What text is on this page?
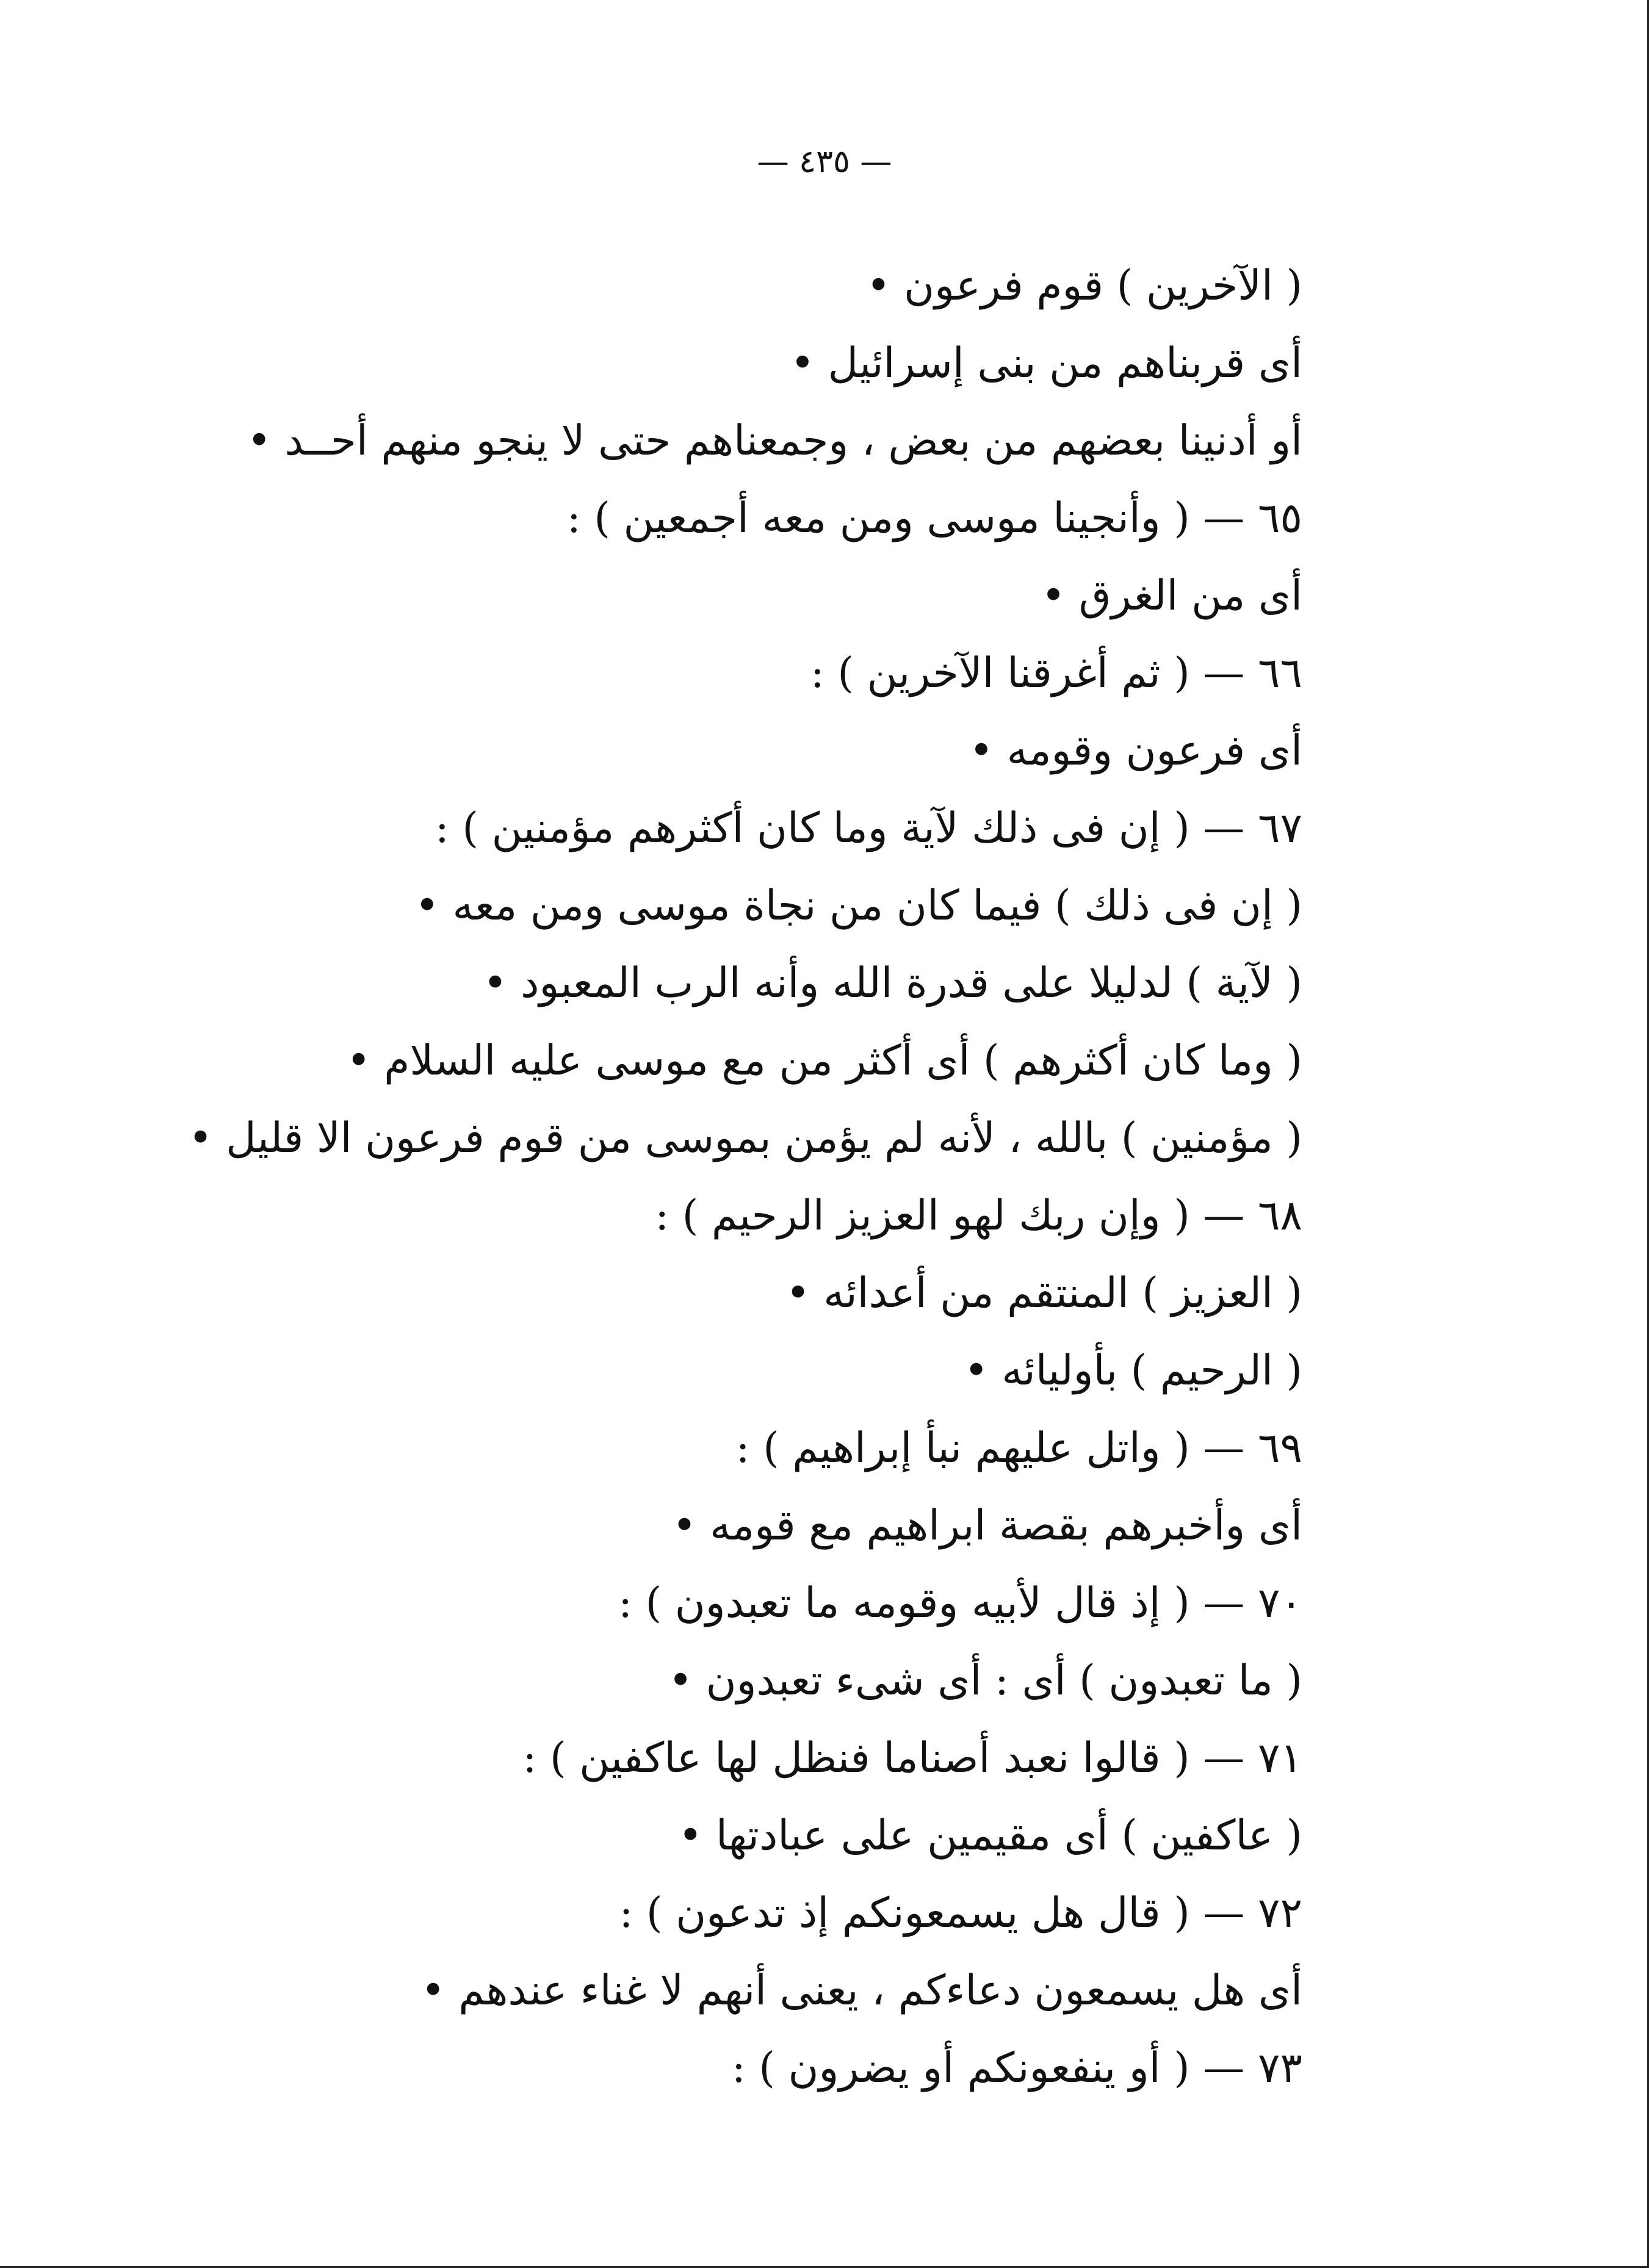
— ٤٣٥ —
( الآخرين ) قوم فرعون •
أى قربناهم من بنى إسرائيل •
أو أدنينا بعضهم من بعض ، وجمعناهم حتى لا ينجو منهم أحــد •
٦٥ — ( وأنجينا موسى ومن معه أجمعين ) :
أى من الغرق •
٦٦ — ( ثم أغرقنا الآخرين ) :
أى فرعون وقومه •
٦٧ — ( إن فى ذلك لآية وما كان أكثرهم مؤمنين ) :
( إن فى ذلك ) فيما كان من نجاة موسى ومن معه •
( لآية ) لدليلا على قدرة الله وأنه الرب المعبود •
( وما كان أكثرهم ) أى أكثر من مع موسى عليه السلام •
( مؤمنين ) بالله ، لأنه لم يؤمن بموسى من قوم فرعون الا قليل •
٦٨ — ( وإن ربك لهو العزيز الرحيم ) :
( العزيز ) المنتقم من أعدائه •
( الرحيم ) بأوليائه •
٦٩ — ( واتل عليهم نبأ إبراهيم ) :
أى وأخبرهم بقصة ابراهيم مع قومه •
٧٠ — ( إذ قال لأبيه وقومه ما تعبدون ) :
( ما تعبدون ) أى : أى شىء تعبدون •
٧١ — ( قالوا نعبد أصناما فنظل لها عاكفين ) :
( عاكفين ) أى مقيمين على عبادتها •
٧٢ — ( قال هل يسمعونكم إذ تدعون ) :
أى هل يسمعون دعاءكم ، يعنى أنهم لا غناء عندهم •
٧٣ — ( أو ينفعونكم أو يضرون ) :
